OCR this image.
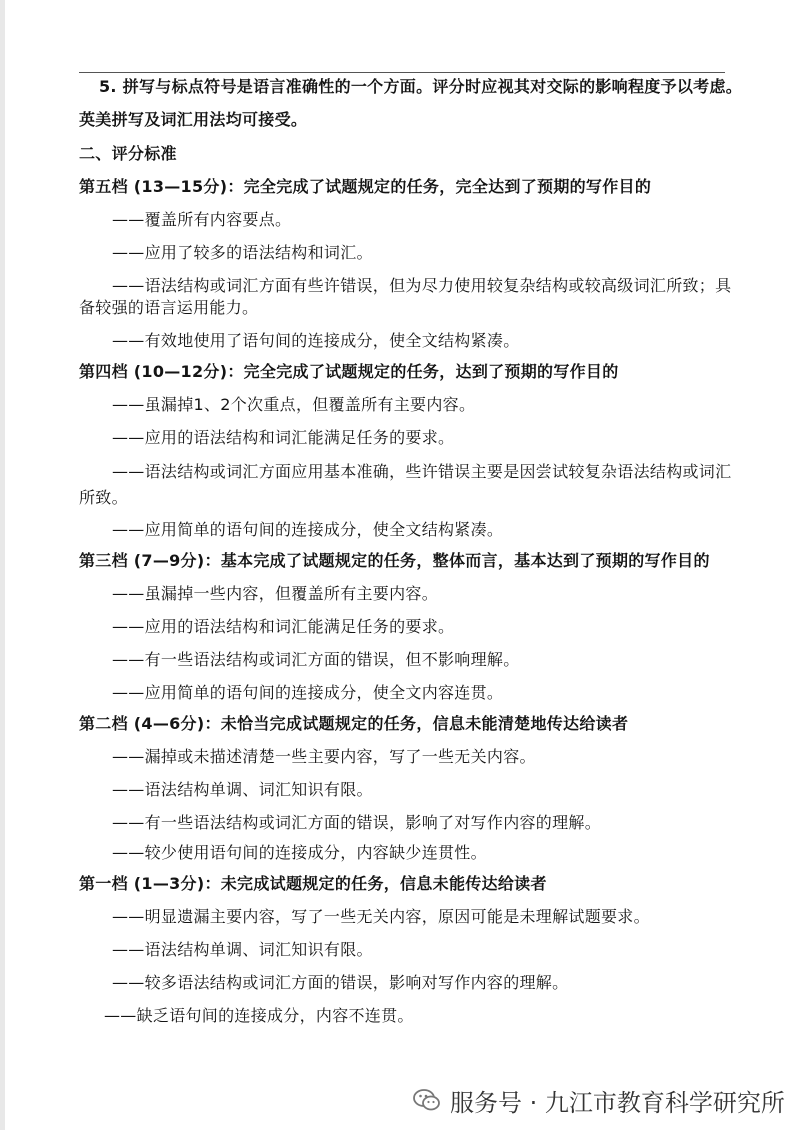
5. 拼写与标点符号是语言准确性的一个方面。评分时应视其对交际的影响程度予以考虑。
英美拼写及词汇用法均可接受。
二、评分标准
第五档 (13—15分)：完全完成了试题规定的任务，完全达到了预期的写作目的
——覆盖所有内容要点。
——应用了较多的语法结构和词汇。
——语法结构或词汇方面有些许错误，但为尽力使用较复杂结构或较高级词汇所致；具
备较强的语言运用能力。
——有效地使用了语句间的连接成分，使全文结构紧凑。
第四档 (10—12分)：完全完成了试题规定的任务，达到了预期的写作目的
——虽漏掉1、2个次重点，但覆盖所有主要内容。
——应用的语法结构和词汇能满足任务的要求。
——语法结构或词汇方面应用基本准确，些许错误主要是因尝试较复杂语法结构或词汇
所致。
——应用简单的语句间的连接成分，使全文结构紧凑。
第三档 (7—9分)：基本完成了试题规定的任务，整体而言，基本达到了预期的写作目的
——虽漏掉一些内容，但覆盖所有主要内容。
——应用的语法结构和词汇能满足任务的要求。
——有一些语法结构或词汇方面的错误，但不影响理解。
——应用简单的语句间的连接成分，使全文内容连贯。
第二档 (4—6分)：未恰当完成试题规定的任务，信息未能清楚地传达给读者
——漏掉或未描述清楚一些主要内容，写了一些无关内容。
——语法结构单调、词汇知识有限。
——有一些语法结构或词汇方面的错误，影响了对写作内容的理解。
——较少使用语句间的连接成分，内容缺少连贯性。
第一档 (1—3分)：未完成试题规定的任务，信息未能传达给读者
——明显遗漏主要内容，写了一些无关内容，原因可能是未理解试题要求。
——语法结构单调、词汇知识有限。
——较多语法结构或词汇方面的错误，影响对写作内容的理解。
——缺乏语句间的连接成分，内容不连贯。
服务号 · 九江市教育科学研究所
